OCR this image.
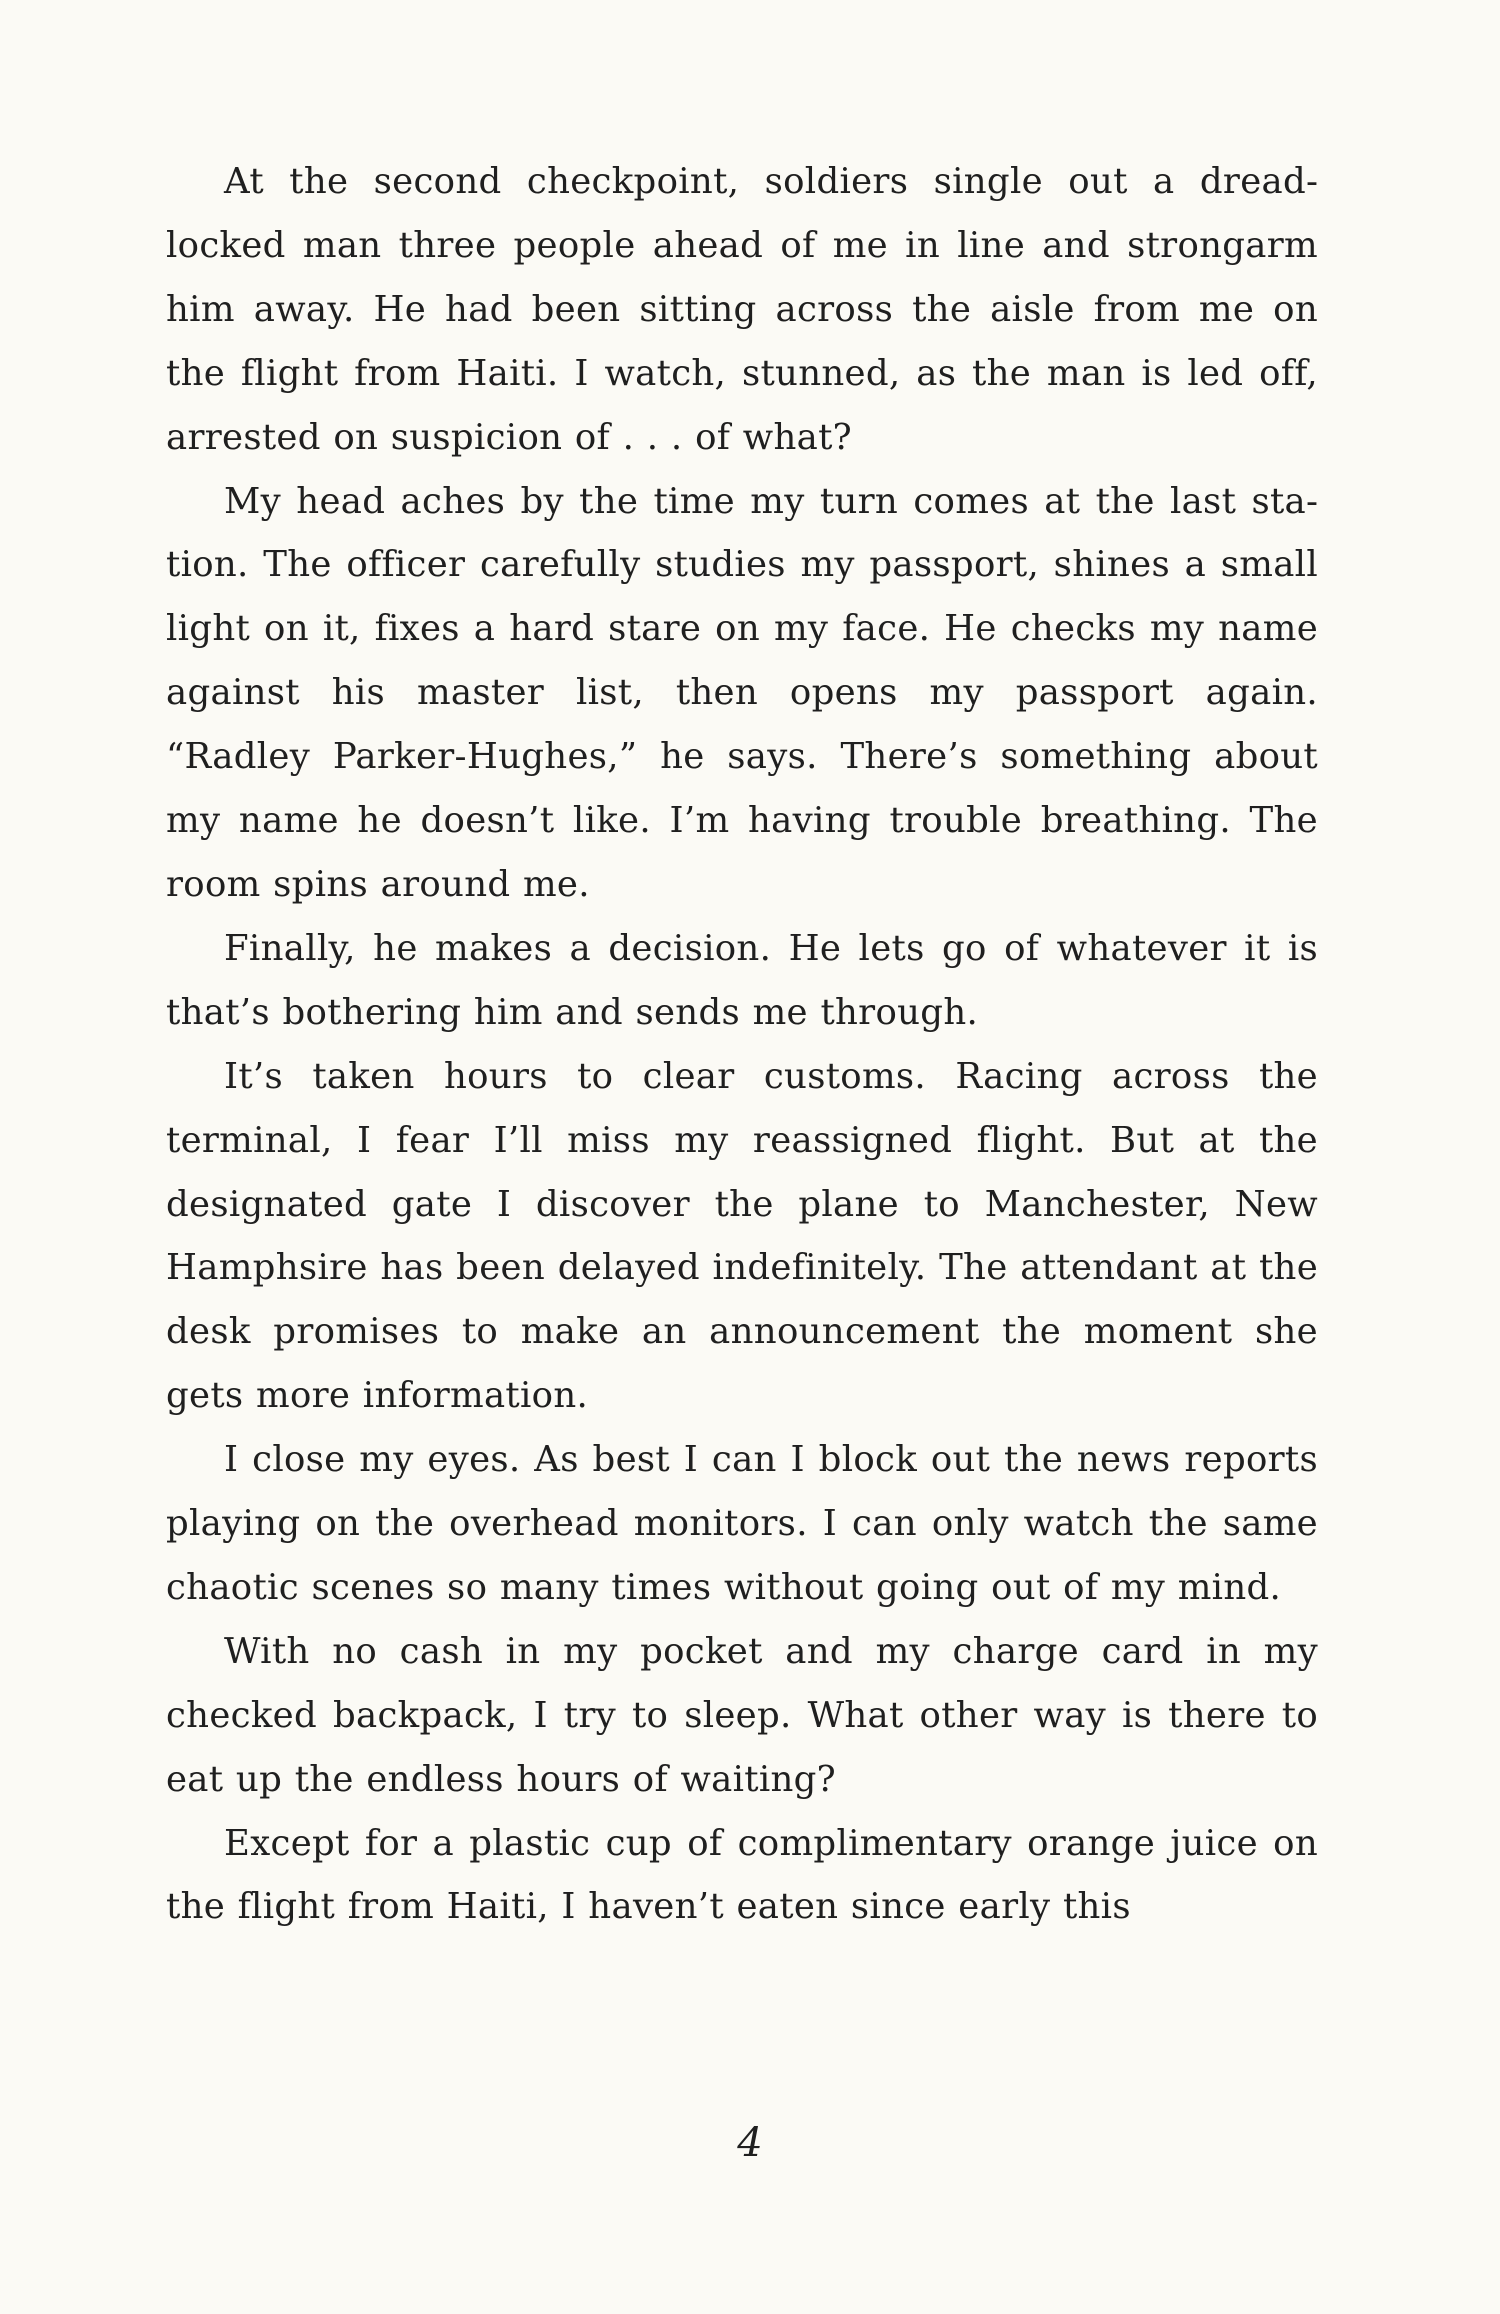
At the second checkpoint, soldiers single out a dreadlocked man three people ahead of me in line and strongarm him away. He had been sitting across the aisle from me on the flight from Haiti. I watch, stunned, as the man is led off, arrested on suspicion of . . . of what?

My head aches by the time my turn comes at the last station. The officer carefully studies my passport, shines a small light on it, fixes a hard stare on my face. He checks my name against his master list, then opens my passport again. “Radley Parker-Hughes,” he says. There’s something about my name he doesn’t like. I’m having trouble breathing. The room spins around me.

Finally, he makes a decision. He lets go of whatever it is that’s bothering him and sends me through.

It’s taken hours to clear customs. Racing across the terminal, I fear I’ll miss my reassigned flight. But at the designated gate I discover the plane to Manchester, New Hamphsire has been delayed indefinitely. The attendant at the desk promises to make an announcement the moment she gets more information.

I close my eyes. As best I can I block out the news reports playing on the overhead monitors. I can only watch the same chaotic scenes so many times without going out of my mind.

With no cash in my pocket and my charge card in my checked backpack, I try to sleep. What other way is there to eat up the endless hours of waiting?

Except for a plastic cup of complimentary orange juice on the flight from Haiti, I haven’t eaten since early this

4
